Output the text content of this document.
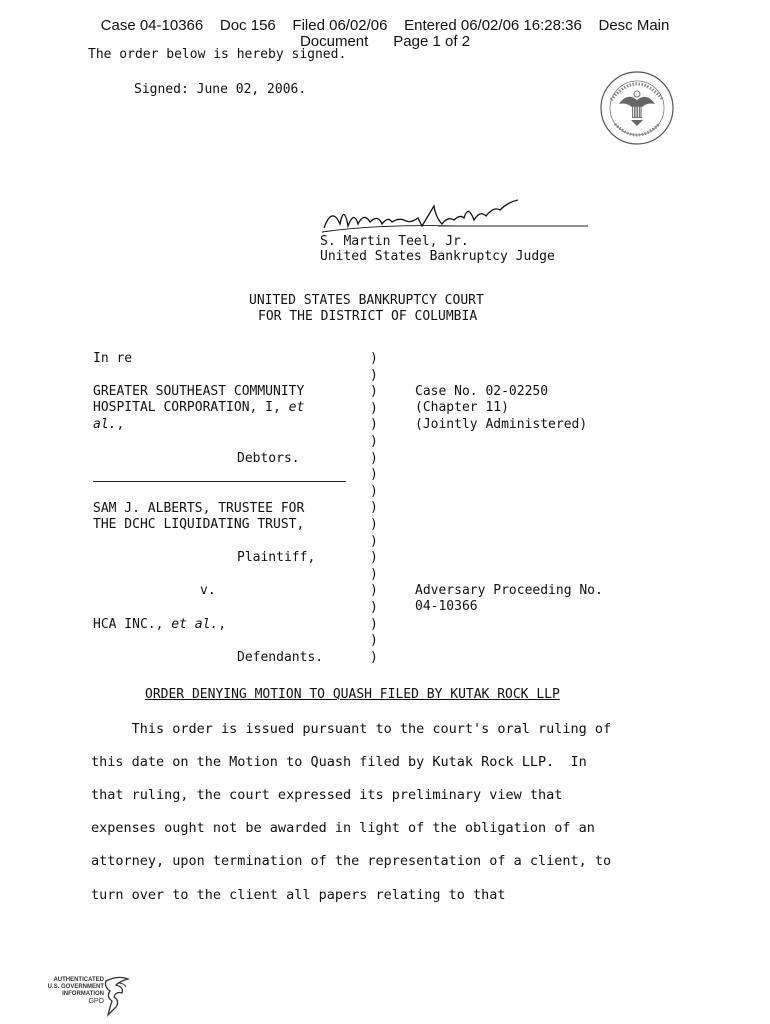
Case 04-10366    Doc 156    Filed 06/02/06    Entered 06/02/06 16:28:36    Desc Main
Document      Page 1 of 2
The order below is hereby signed.
Signed: June 02, 2006.
S. Martin Teel, Jr.
United States Bankruptcy Judge
UNITED STATES BANKRUPTCY COURT
FOR THE DISTRICT OF COLUMBIA
In re
GREATER SOUTHEAST COMMUNITY
HOSPITAL CORPORATION, I, et
al.,
Debtors.
SAM J. ALBERTS, TRUSTEE FOR
THE DCHC LIQUIDATING TRUST,
Plaintiff,
v.
HCA INC., et al.,
Defendants.
)
)
)
)
)
)
)
)
)
)
)
)
)
)
)
)
)
)
)
Case No. 02-02250
(Chapter 11)
(Jointly Administered)
Adversary Proceeding No.
04-10366
ORDER DENYING MOTION TO QUASH FILED BY KUTAK ROCK LLP
This order is issued pursuant to the court's oral ruling of
this date on the Motion to Quash filed by Kutak Rock LLP.  In
that ruling, the court expressed its preliminary view that
expenses ought not be awarded in light of the obligation of an
attorney, upon termination of the representation of a client, to
turn over to the client all papers relating to that
AUTHENTICATED
U.S. GOVERNMENT
INFORMATION
GPO
